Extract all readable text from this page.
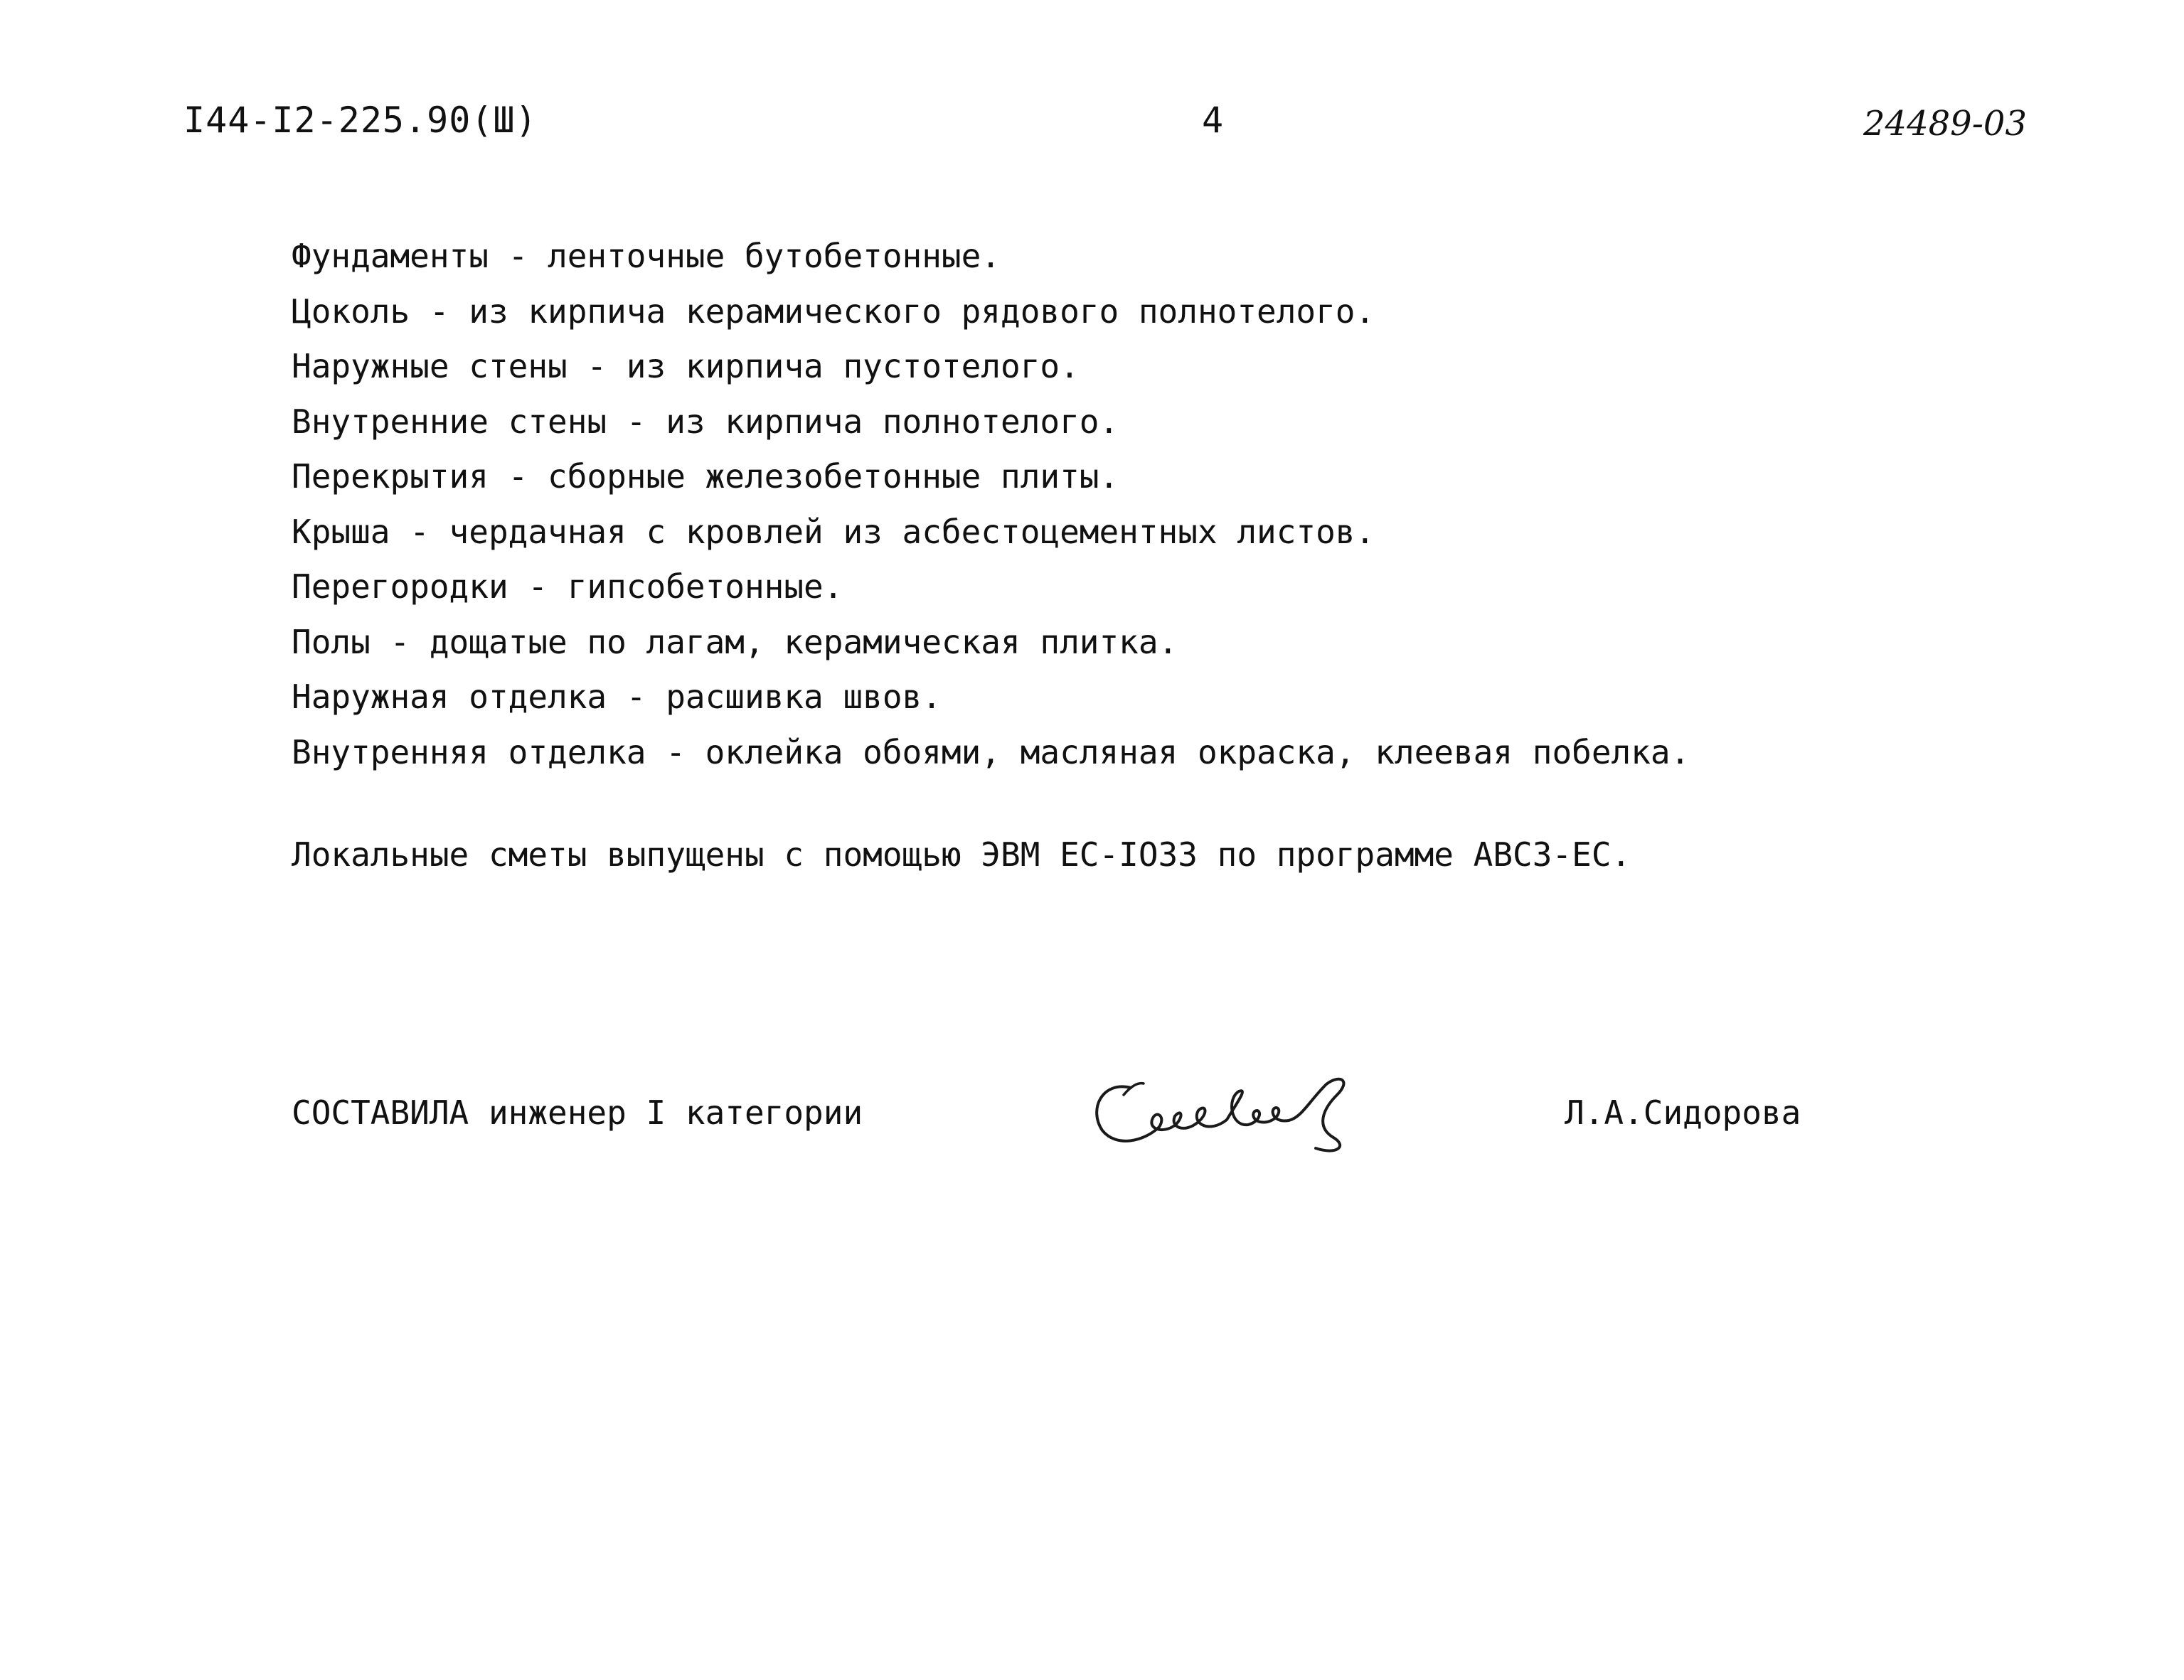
I44-I2-225.90(Ш)	4	24489-03
Фундаменты - ленточные бутобетонные.
Цоколь - из кирпича керамического рядового полнотелого.
Наружные стены - из кирпича пустотелого.
Внутренние стены - из кирпича полнотелого.
Перекрытия - сборные железобетонные плиты.
Крыша - чердачная с кровлей из асбестоцементных листов.
Перегородки - гипсобетонные.
Полы - дощатые по лагам, керамическая плитка.
Наружная отделка - расшивка швов.
Внутренняя отделка - оклейка обоями, масляная окраска, клеевая побелка.
Локальные сметы выпущены с помощью ЭВМ ЕС-IО33 по программе АВСЗ-ЕС.
СОСТАВИЛА инженер I категории	Л.А.Сидорова
